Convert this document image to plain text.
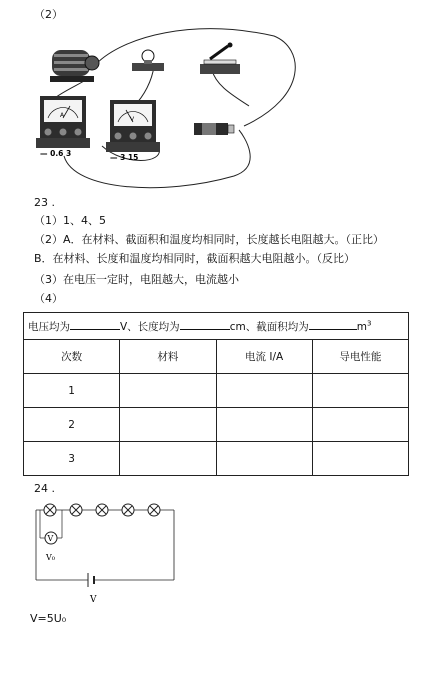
（2）
A
— 0.6 3
V
— 3 15
23 .
（1）1、4、5
（2）A．在材料、截面积和温度均相同时，长度越长电阻越大。（正比）
B．在材料、长度和温度均相同时，截面积越大电阻越小。（反比）
（3）在电压一定时，电阻越大，电流越小
（4）
电压均为 V、长度均为 cm、截面积均为 $m^3$
次数	材料	电流 I/A	导电性能
1			
2			
3			
24 .
V
V₀
V
V=5U₀
